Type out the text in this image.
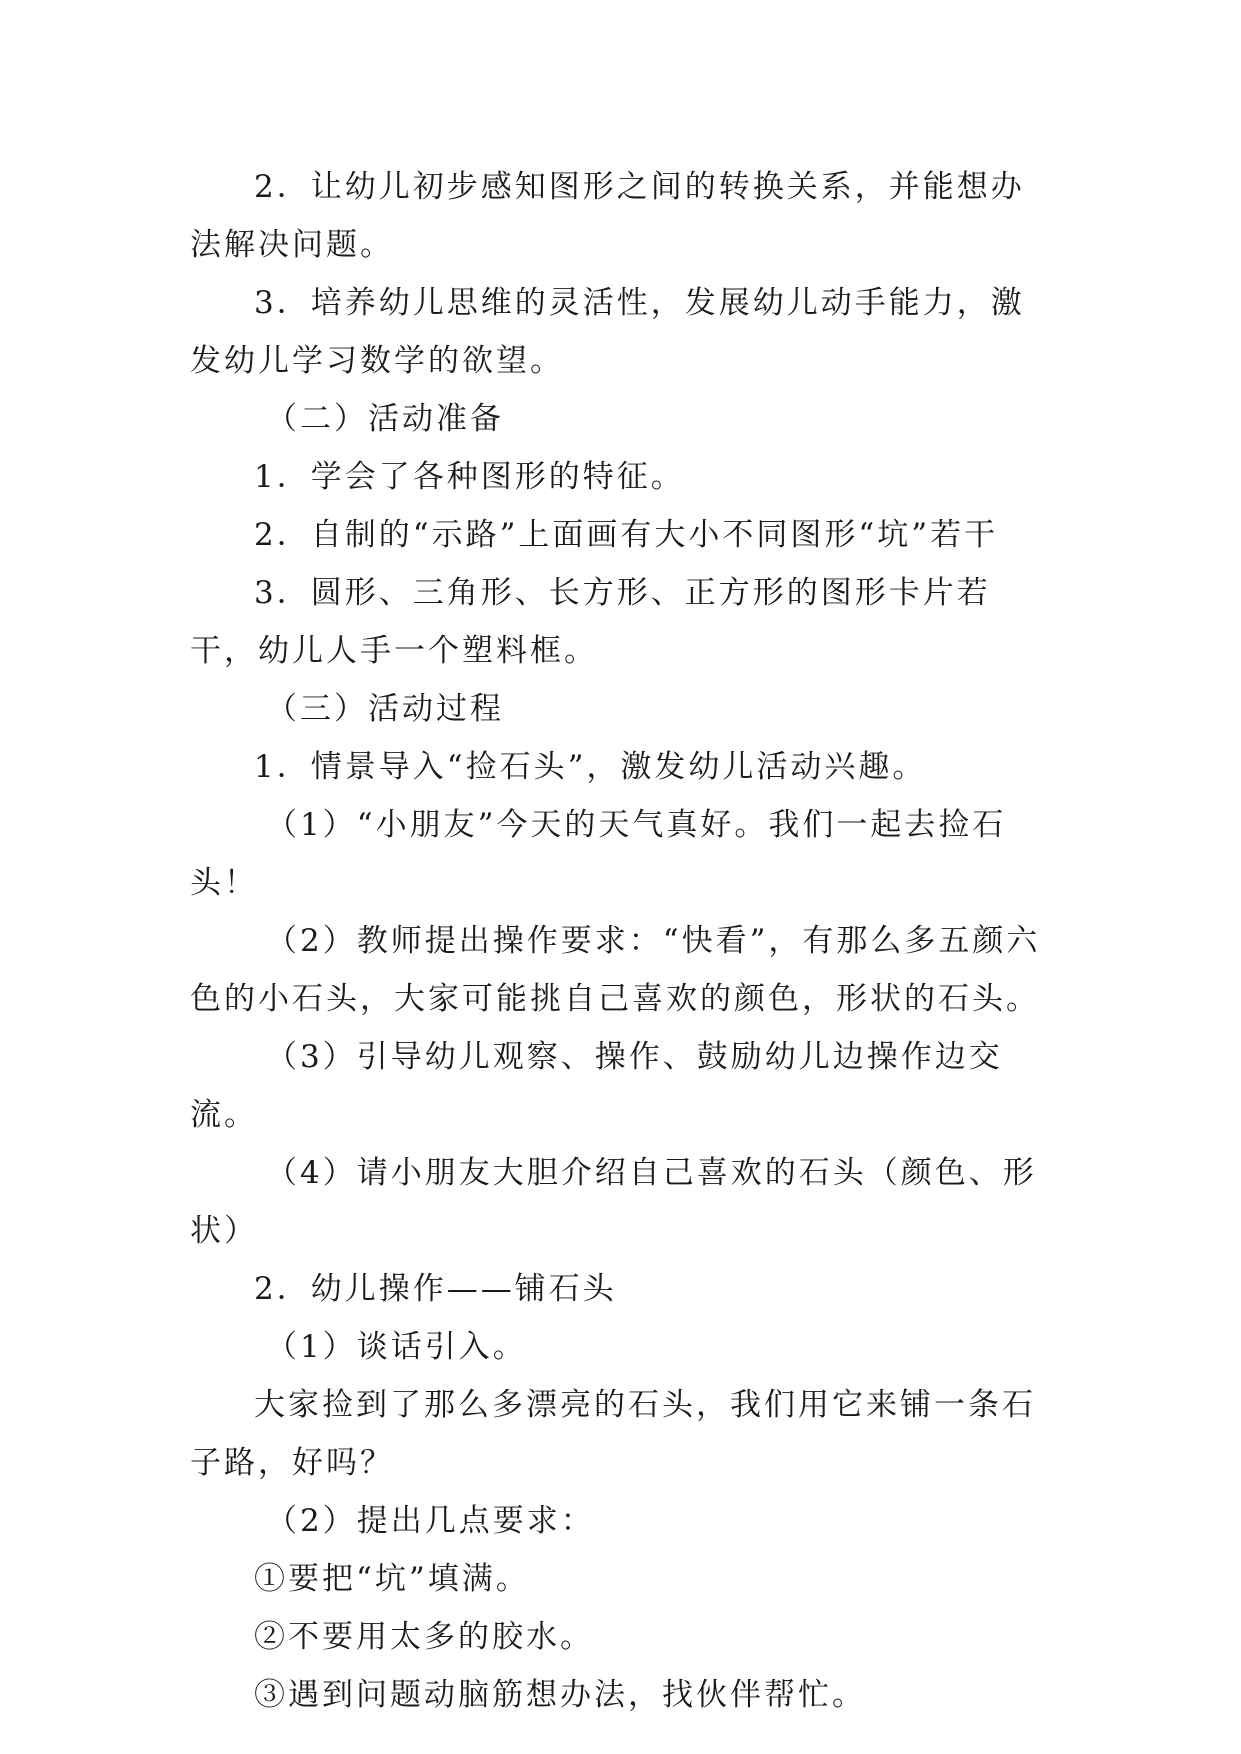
2．让幼儿初步感知图形之间的转换关系，并能想办法解决问题。

3．培养幼儿思维的灵活性，发展幼儿动手能力，激发幼儿学习数学的欲望。

（二）活动准备

1．学会了各种图形的特征。

2．自制的“示路”上面画有大小不同图形“坑”若干

3．圆形、三角形、长方形、正方形的图形卡片若干，幼儿人手一个塑料框。

（三）活动过程

1．情景导入“捡石头”，激发幼儿活动兴趣。

（1）“小朋友”今天的天气真好。我们一起去捡石头！

（2）教师提出操作要求：“快看”，有那么多五颜六色的小石头，大家可能挑自己喜欢的颜色，形状的石头。

（3）引导幼儿观察、操作、鼓励幼儿边操作边交流。

（4）请小朋友大胆介绍自己喜欢的石头（颜色、形状）

2．幼儿操作——铺石头

（1）谈话引入。

大家捡到了那么多漂亮的石头，我们用它来铺一条石子路，好吗？

（2）提出几点要求：

①要把“坑”填满。

②不要用太多的胶水。

③遇到问题动脑筋想办法，找伙伴帮忙。
